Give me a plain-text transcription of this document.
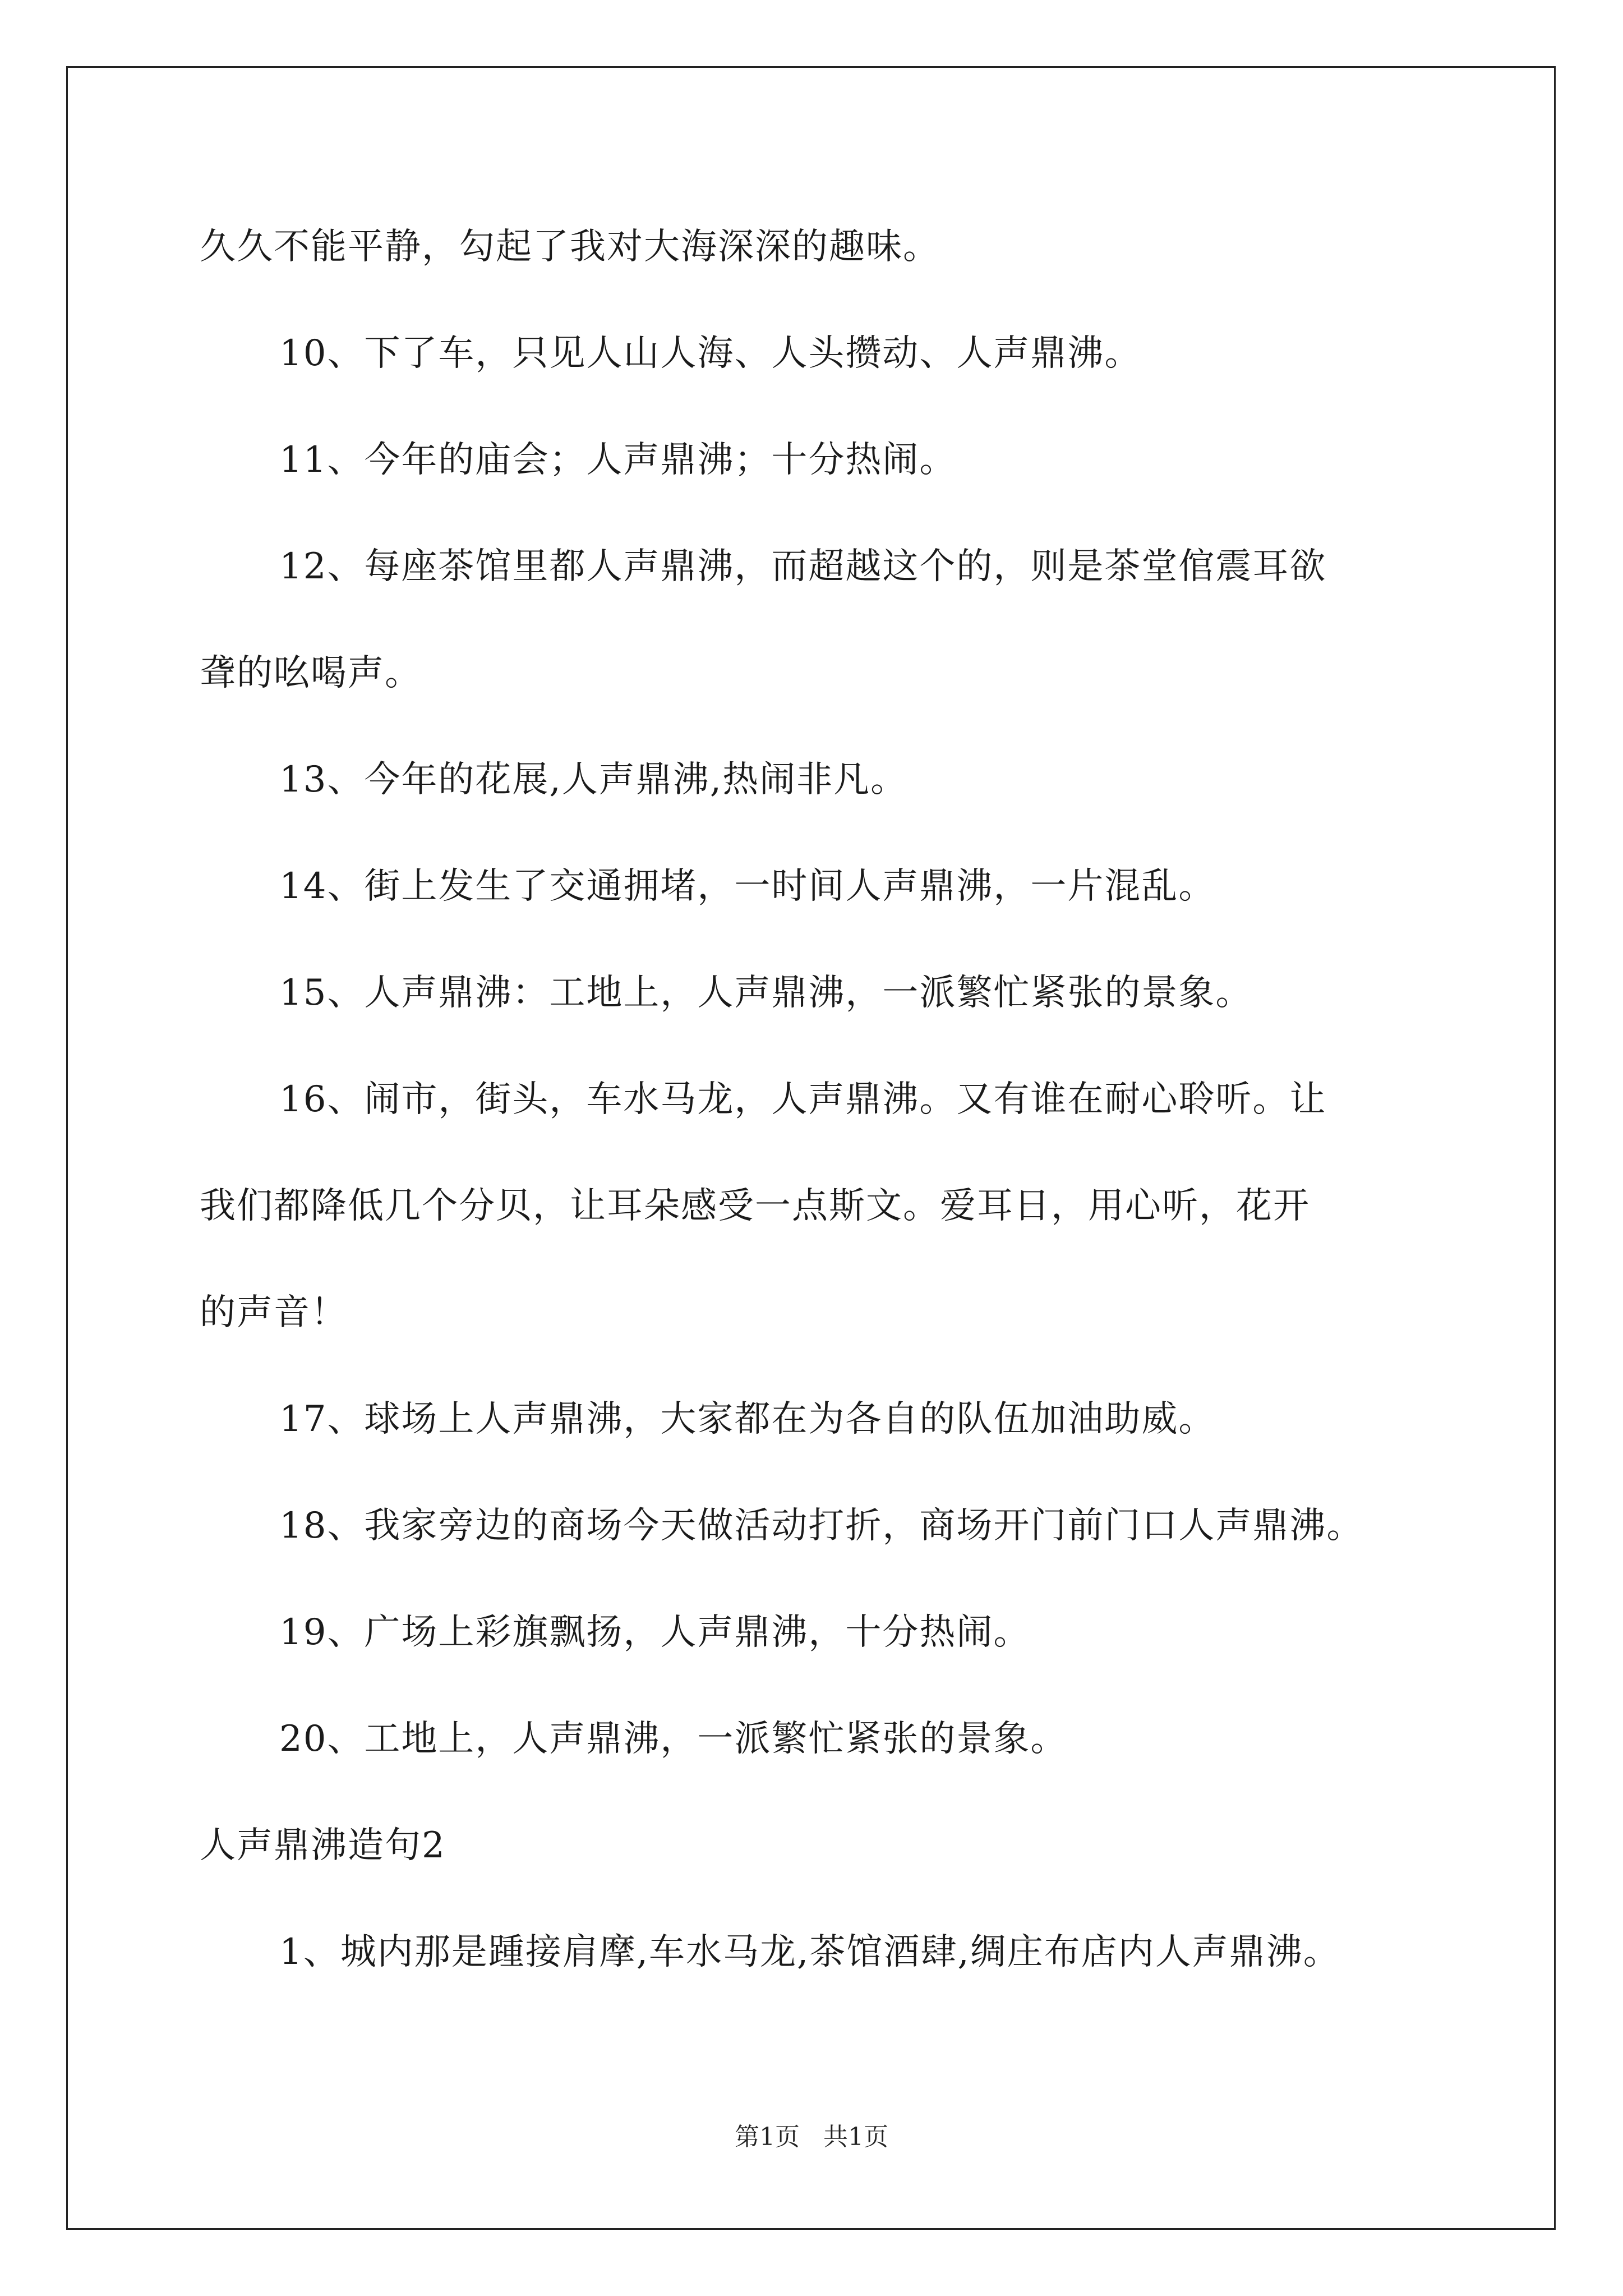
久久不能平静，勾起了我对大海深深的趣味。
10、下了车，只见人山人海、人头攒动、人声鼎沸。
11、今年的庙会；人声鼎沸；十分热闹。
12、每座茶馆里都人声鼎沸，而超越这个的，则是茶堂倌震耳欲
聋的吆喝声。
13、今年的花展,人声鼎沸,热闹非凡。
14、街上发生了交通拥堵，一时间人声鼎沸，一片混乱。
15、人声鼎沸：工地上，人声鼎沸，一派繁忙紧张的景象。
16、闹市，街头，车水马龙，人声鼎沸。又有谁在耐心聆听。让
我们都降低几个分贝，让耳朵感受一点斯文。爱耳日，用心听，花开
的声音！
17、球场上人声鼎沸，大家都在为各自的队伍加油助威。
18、我家旁边的商场今天做活动打折，商场开门前门口人声鼎沸。
19、广场上彩旗飘扬，人声鼎沸，十分热闹。
20、工地上，人声鼎沸，一派繁忙紧张的景象。
人声鼎沸造句2
1、城内那是踵接肩摩,车水马龙,茶馆酒肆,绸庄布店内人声鼎沸。
第1页 共1页
